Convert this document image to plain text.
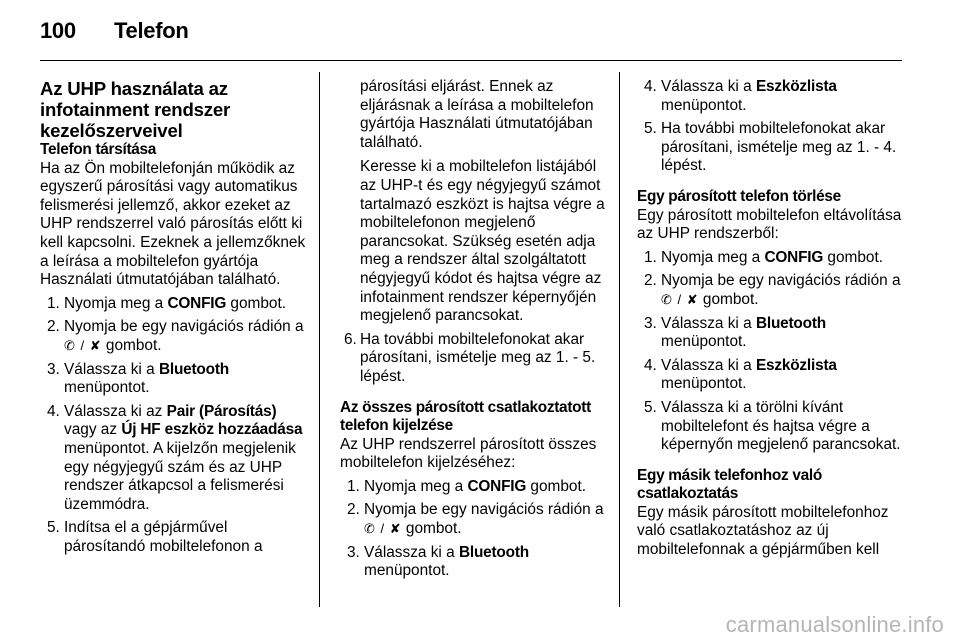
100 Telefon

Az UHP használata az infotainment rendszer kezelőszerveivel

Telefon társítása

Ha az Ön mobiltelefonján működik az egyszerű párosítási vagy automatikus felismerési jellemző, akkor ezeket az UHP rendszerrel való párosítás előtt ki kell kapcsolni. Ezeknek a jellemzőknek a leírása a mobiltelefon gyártója Használati útmutatójában található.

1. Nyomja meg a CONFIG gombot.
2. Nyomja be egy navigációs rádión a ✆ / ✘ gombot.
3. Válassza ki a Bluetooth menüpontot.
4. Válassza ki az Pair (Párosítás) vagy az Új HF eszköz hozzáadása menüpontot. A kijelzőn megjelenik egy négyjegyű szám és az UHP rendszer átkapcsol a felismerési üzemmódra.
5. Indítsa el a gépjárművel párosítandó mobiltelefonon a
párosítási eljárást. Ennek az eljárásnak a leírása a mobiltelefon gyártója Használati útmutatójában található.
Keresse ki a mobiltelefon listájából az UHP-t és egy négyjegyű számot tartalmazó eszközt is hajtsa végre a mobiltelefonon megjelenő parancsokat. Szükség esetén adja meg a rendszer által szolgáltatott négyjegyű kódot és hajtsa végre az infotainment rendszer képernyőjén megjelenő parancsokat.
6. Ha további mobiltelefonokat akar párosítani, ismételje meg az 1. - 5. lépést.

Az összes párosított csatlakoztatott telefon kijelzése

Az UHP rendszerrel párosított összes mobiltelefon kijelzéséhez:

1. Nyomja meg a CONFIG gombot.
2. Nyomja be egy navigációs rádión a ✆ / ✘ gombot.
3. Válassza ki a Bluetooth menüpontot.
4. Válassza ki a Eszközlista menüpontot.
5. Ha további mobiltelefonokat akar párosítani, ismételje meg az 1. - 4. lépést.

Egy párosított telefon törlése

Egy párosított mobiltelefon eltávolítása az UHP rendszerből:

1. Nyomja meg a CONFIG gombot.
2. Nyomja be egy navigációs rádión a ✆ / ✘ gombot.
3. Válassza ki a Bluetooth menüpontot.
4. Válassza ki a Eszközlista menüpontot.
5. Válassza ki a törölni kívánt mobiltelefont és hajtsa végre a képernyőn megjelenő parancsokat.

Egy másik telefonhoz való csatlakoztatás

Egy másik párosított mobiltelefonhoz való csatlakoztatáshoz az új mobiltelefonnak a gépjárműben kell

carmanualsonline.info
